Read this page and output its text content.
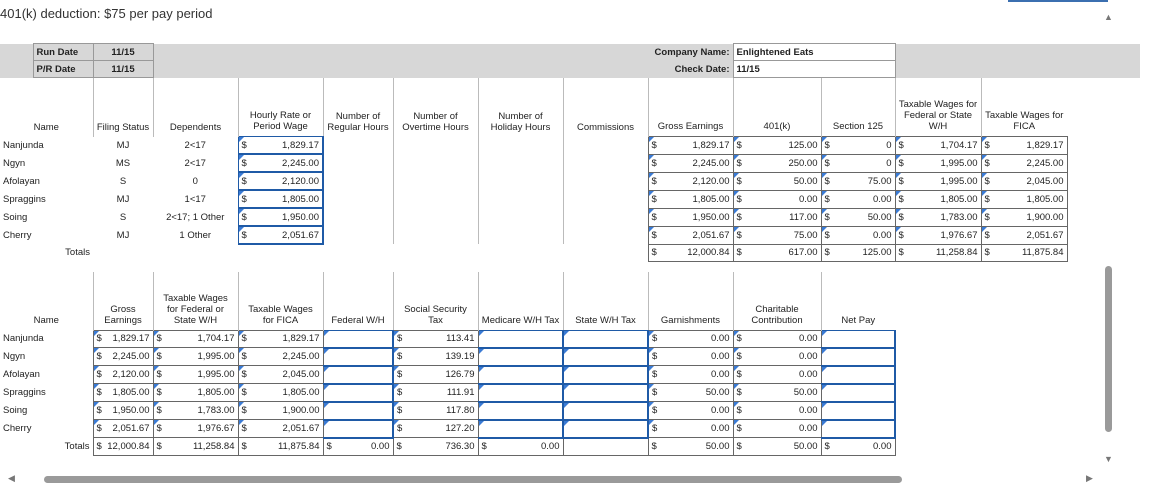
401(k) deduction: $75 per pay period
	Run Date	11/15						Company Name:		Enlightened Eats			
	P/R Date	11/15						Check Date:		11/15			
Name		Filing Status	Dependents	Hourly Rate or Period Wage	Number of Regular Hours	Number of Overtime Hours	Number of Holiday Hours	Commissions	Gross Earnings	401(k)	Section 125	Taxable Wages for Federal or State W/H	Taxable Wages for FICA
Nanjunda		MJ	2<17	$ 1,829.17					$ 1,829.17	$ 125.00	$ 0	$ 1,704.17	$ 1,829.17

Ngyn		MS	2<17	$ 2,245.00					$ 2,245.00	$ 250.00	$ 0	$ 1,995.00	$ 2,245.00

Afolayan		S	0	$ 2,120.00					$ 2,120.00	$ 50.00	$ 75.00	$ 1,995.00	$ 2,045.00

Spraggins		MJ	1<17	$ 1,805.00					$ 1,805.00	$ 0.00	$ 0.00	$ 1,805.00	$ 1,805.00

Soing		S	2<17; 1 Other	$ 1,950.00					$ 1,950.00	$ 117.00	$ 50.00	$ 1,783.00	$ 1,900.00

Cherry		MJ	1 Other	$ 2,051.67					$ 2,051.67	$ 75.00	$ 0.00	$ 1,976.67	$ 2,051.67

Totals									$ 12,000.84	$ 617.00	$ 125.00	$ 11,258.84	$ 11,875.84

Name		Gross Earnings	Taxable Wages for Federal or State W/H	Taxable Wages for FICA	Federal W/H	Social Security Tax	Medicare W/H Tax	State W/H Tax	Garnishments	Charitable Contribution	Net Pay		
Nanjunda		$ 1,829.17	$ 1,704.17	$ 1,829.17		$ 113.41			$ 0.00	$ 0.00			

Ngyn		$ 2,245.00	$ 1,995.00	$ 2,245.00		$ 139.19			$ 0.00	$ 0.00			

Afolayan		$ 2,120.00	$ 1,995.00	$ 2,045.00		$ 126.79			$ 0.00	$ 0.00			

Spraggins		$ 1,805.00	$ 1,805.00	$ 1,805.00		$ 111.91			$ 50.00	$ 50.00			

Soing		$ 1,950.00	$ 1,783.00	$ 1,900.00		$ 117.80			$ 0.00	$ 0.00			

Cherry		$ 2,051.67	$ 1,976.67	$ 2,051.67		$ 127.20			$ 0.00	$ 0.00			

Totals		$ 12,000.84	$ 11,258.84	$ 11,875.84	$ 0.00	$ 736.30	$ 0.00		$ 50.00	$ 50.00	$ 0.00		

▲
▼
◀	▶
